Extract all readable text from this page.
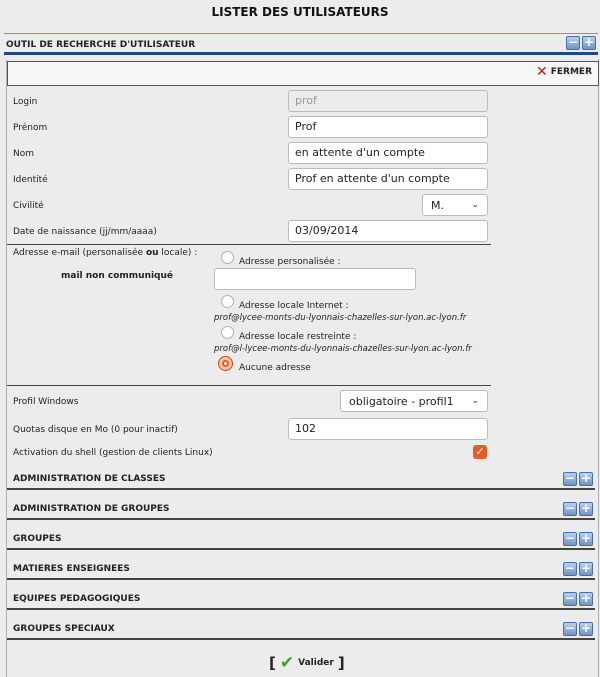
LISTER DES UTILISATEURS
OUTIL DE RECHERCHE D'UTILISATEUR	− +
✕ FERMER
Login	prof
Prénom	Prof
Nom	en attente d'un compte
Identité	Prof en attente d'un compte
Civilité	M.	⌄
Date de naissance (jj/mm/aaaa)	03/09/2014
Adresse e-mail (personalisée ou locale) :
mail non communiqué
Adresse personalisée :
Adresse locale Internet :
prof@lycee-monts-du-lyonnais-chazelles-sur-lyon.ac-lyon.fr
Adresse locale restreinte :
prof@l-lycee-monts-du-lyonnais-chazelles-sur-lyon.ac-lyon.fr
Aucune adresse
Profil Windows	obligatoire - profil1 ⌄
Quotas disque en Mo (0 pour inactif)	102
Activation du shell (gestion de clients Linux)	✓
ADMINISTRATION DE CLASSES	− +
ADMINISTRATION DE GROUPES	− +
GROUPES	− +
MATIERES ENSEIGNEES	− +
EQUIPES PEDAGOGIQUES	− +
GROUPES SPECIAUX	− +
[ ✔ Valider ]
